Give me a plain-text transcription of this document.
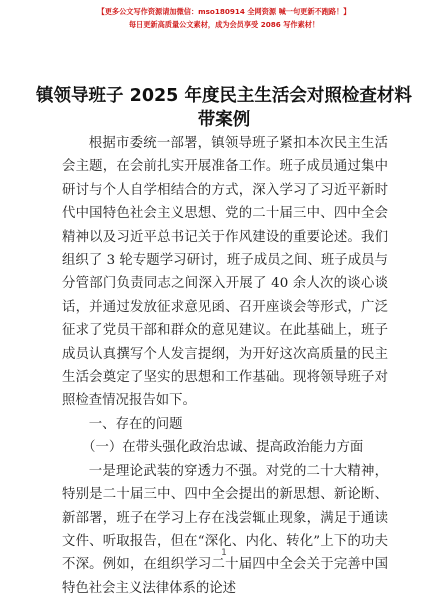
【更多公文写作资源请加微信：mso180914 全网资源 喊一句更新不跑路！】
每日更新高质量公文素材，成为会员享受 2086 写作素材！
镇领导班子 2025 年度民主生活会对照检查材料
带案例

根据市委统一部署，镇领导班子紧扣本次民主生活会主题，在会前扎实开展准备工作。班子成员通过集中研讨与个人自学相结合的方式，深入学习了习近平新时代中国特色社会主义思想、党的二十届三中、四中全会精神以及习近平总书记关于作风建设的重要论述。我们组织了 3 轮专题学习研讨，班子成员之间、班子成员与分管部门负责同志之间深入开展了 40 余人次的谈心谈话，并通过发放征求意见函、召开座谈会等形式，广泛征求了党员干部和群众的意见建议。在此基础上，班子成员认真撰写个人发言提纲，为开好这次高质量的民主生活会奠定了坚实的思想和工作基础。现将领导班子对照检查情况报告如下。

一、存在的问题

（一）在带头强化政治忠诚、提高政治能力方面

一是理论武装的穿透力不强。对党的二十大精神，特别是二十届三中、四中全会提出的新思想、新论断、新部署，班子在学习上存在浅尝辄止现象，满足于通读文件、听取报告，但在“深化、内化、转化”上下的功夫不深。例如，在组织学习二十届四中全会关于完善中国特色社会主义法律体系的论述

1
